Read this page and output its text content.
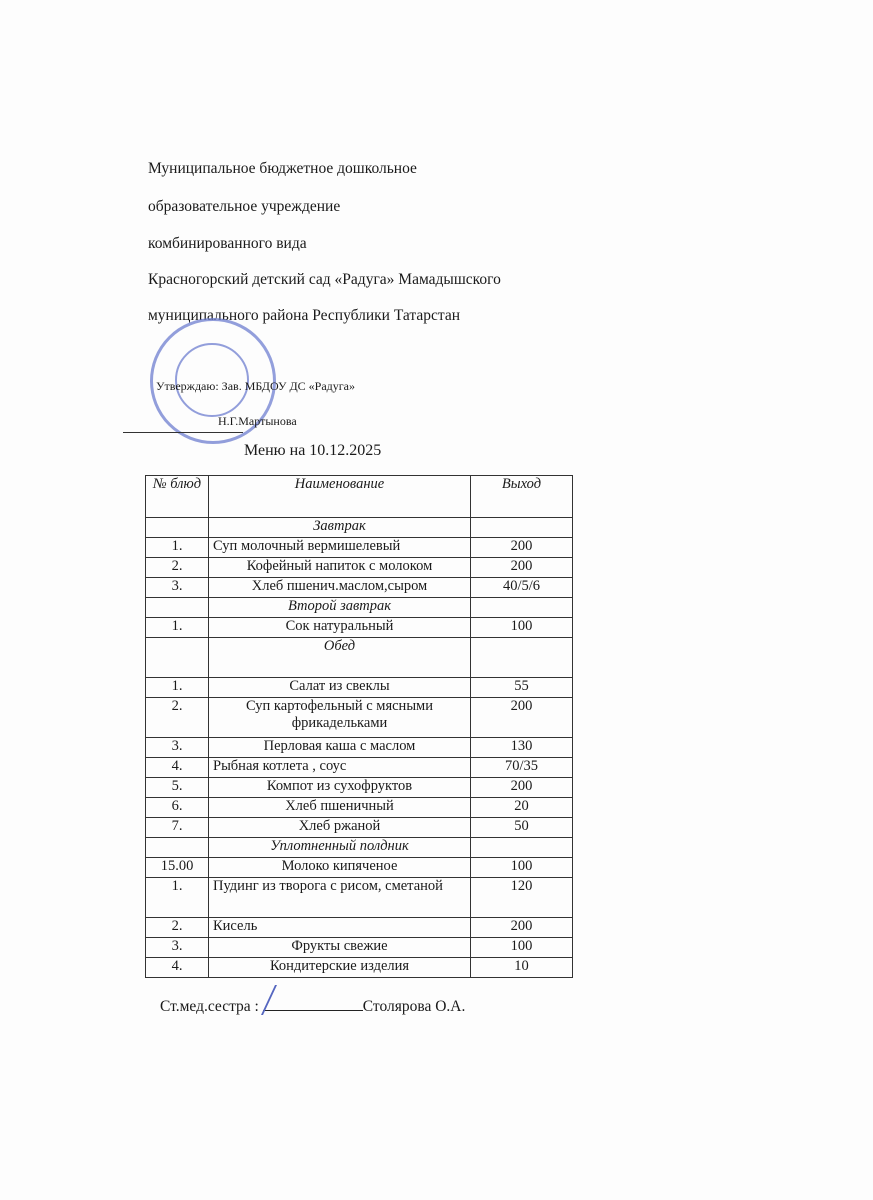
Муниципальное бюджетное дошкольное
образовательное учреждение
комбинированного вида
Красногорский детский сад «Радуга» Мамадышского
муниципального района Республики Татарстан
Утверждаю: Зав. МБДОУ ДС «Радуга»
Н.Г.Мартынова
Меню на 10.12.2025
№ блюд	Наименование	Выход
	Завтрак	
1.	Суп молочный вермишелевый	200
2.	Кофейный напиток с молоком	200
3.	Хлеб пшенич.маслом,сыром	40/5/6
	Второй завтрак	
1.	Сок натуральный	100
	Обед	
1.	Салат из свеклы	55
2.	Суп картофельный с мясными фрикадельками	200
3.	Перловая каша с маслом	130
4.	Рыбная котлета , соус	70/35
5.	Компот из сухофруктов	200
6.	Хлеб пшеничный	20
7.	Хлеб ржаной	50
	Уплотненный полдник	
15.00	Молоко кипяченое	100
1.	Пудинг из творога с рисом, сметаной	120
2.	Кисель	200
3.	Фрукты свежие	100
4.	Кондитерские изделия	10
Ст.мед.сестра :	Столярова О.А.
